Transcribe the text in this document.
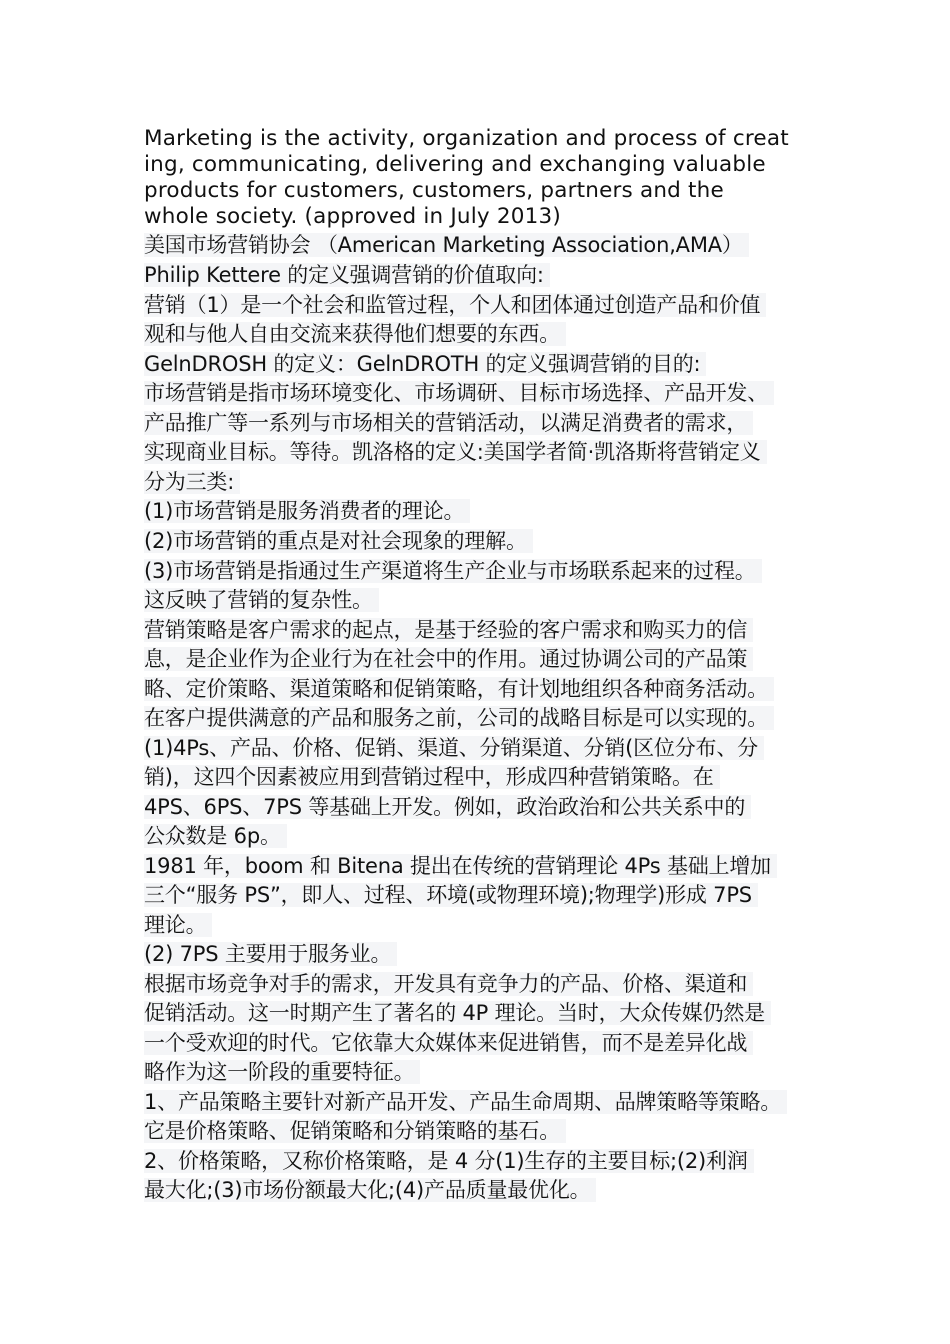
Marketing is the activity, organization and process of creat
ing, communicating, delivering and exchanging valuable
products for customers, customers, partners and the
whole society. (approved in July 2013)
美国市场营销协会 （American Marketing Association,AMA）
Philip Kettere 的定义强调营销的价值取向:
营销（1）是一个社会和监管过程，个人和团体通过创造产品和价值
观和与他人自由交流来获得他们想要的东西。
GelnDROSH 的定义：GelnDROTH 的定义强调营销的目的:
市场营销是指市场环境变化、市场调研、目标市场选择、产品开发、
产品推广等一系列与市场相关的营销活动，以满足消费者的需求，
实现商业目标。等待。凯洛格的定义:美国学者简·凯洛斯将营销定义
分为三类:
(1)市场营销是服务消费者的理论。
(2)市场营销的重点是对社会现象的理解。
(3)市场营销是指通过生产渠道将生产企业与市场联系起来的过程。
这反映了营销的复杂性。
营销策略是客户需求的起点，是基于经验的客户需求和购买力的信
息，是企业作为企业行为在社会中的作用。通过协调公司的产品策
略、定价策略、渠道策略和促销策略，有计划地组织各种商务活动。
在客户提供满意的产品和服务之前，公司的战略目标是可以实现的。
(1)4Ps、产品、价格、促销、渠道、分销渠道、分销(区位分布、分
销)，这四个因素被应用到营销过程中，形成四种营销策略。在
4PS、6PS、7PS 等基础上开发。例如，政治政治和公共关系中的
公众数是 6p。
1981 年，boom 和 Bitena 提出在传统的营销理论 4Ps 基础上增加
三个“服务 PS”，即人、过程、环境(或物理环境);物理学)形成 7PS
理论。
(2) 7PS 主要用于服务业。
根据市场竞争对手的需求，开发具有竞争力的产品、价格、渠道和
促销活动。这一时期产生了著名的 4P 理论。当时，大众传媒仍然是
一个受欢迎的时代。它依靠大众媒体来促进销售，而不是差异化战
略作为这一阶段的重要特征。
1、产品策略主要针对新产品开发、产品生命周期、品牌策略等策略。
它是价格策略、促销策略和分销策略的基石。
2、价格策略，又称价格策略，是 4 分(1)生存的主要目标;(2)利润
最大化;(3)市场份额最大化;(4)产品质量最优化。
